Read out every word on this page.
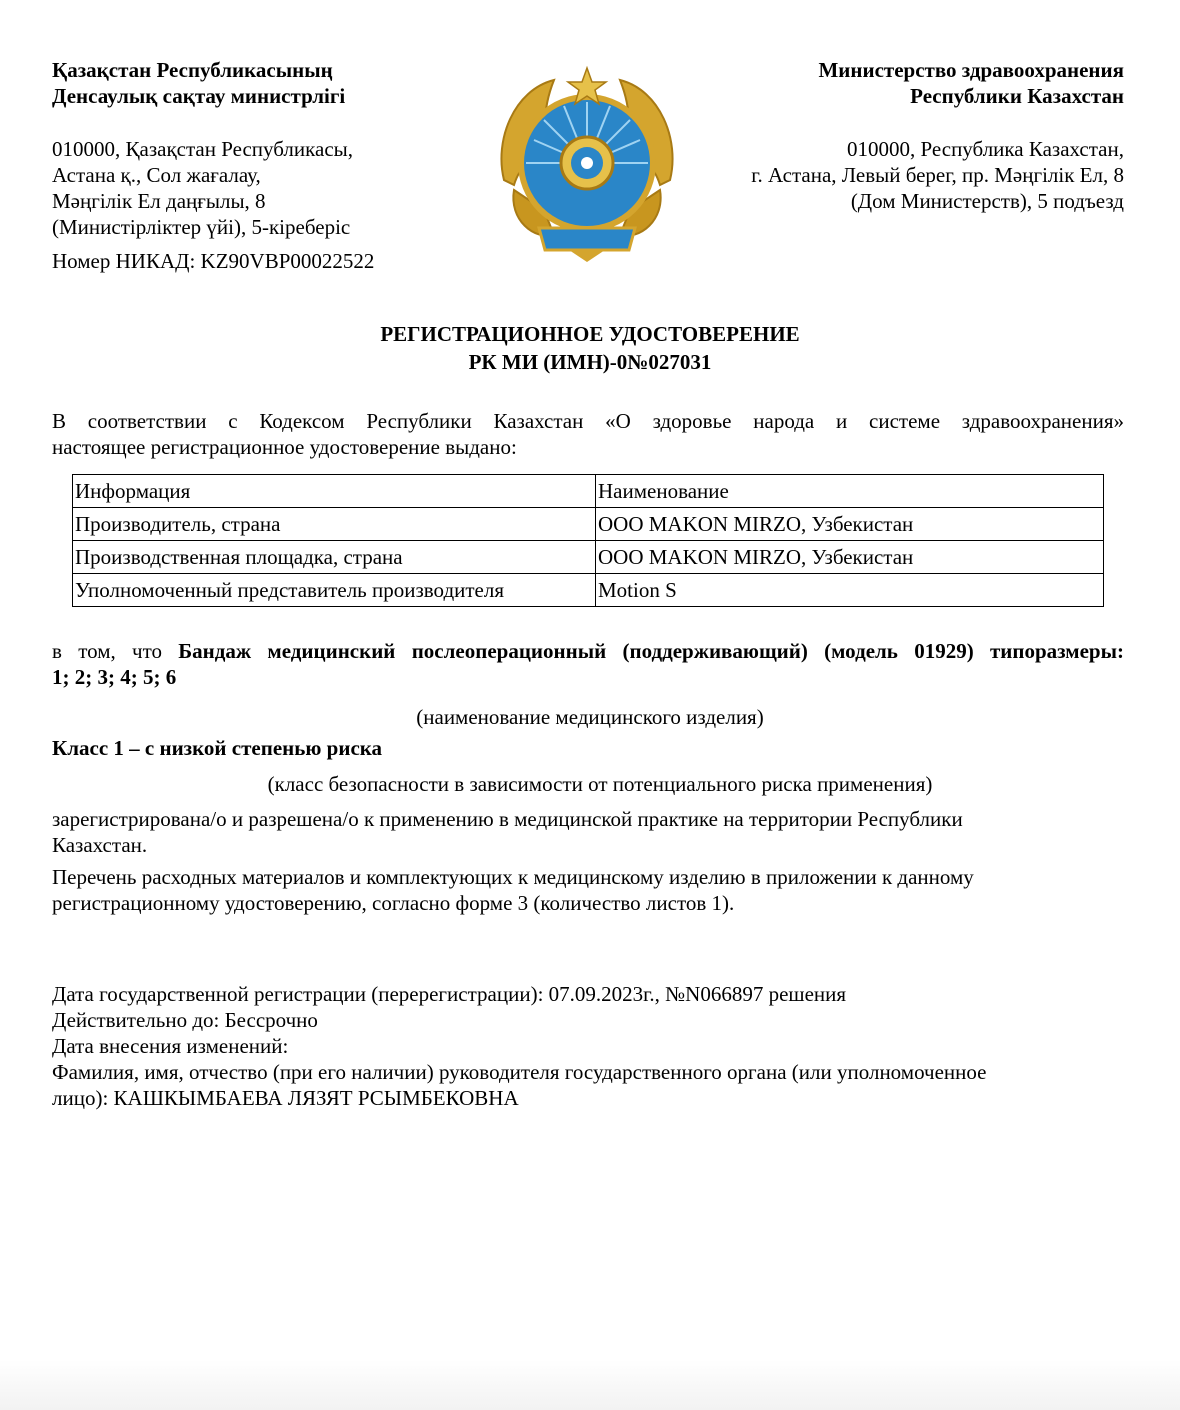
Қазақстан Республикасының
Денсаулық сақтау министрлігі
010000, Қазақстан Республикасы,
Астана қ., Сол жағалау,
Мәңгілік Ел даңғылы, 8
(Министірліктер үйі), 5-кіреберіс
Номер НИКАД: KZ90VBP00022522
Министерство здравоохранения
Республики Казахстан
010000, Республика Казахстан,
г. Астана, Левый берег, пр. Мәңгілік Ел, 8
(Дом Министерств), 5 подъезд
РЕГИСТРАЦИОННОЕ УДОСТОВЕРЕНИЕ
РК МИ (ИМН)-0№027031
В соответствии с Кодексом Республики Казахстан «О здоровье народа и системе здравоохранения»
настоящее регистрационное удостоверение выдано:
Информация	Наименование
Производитель, страна	ООО MAKON MIRZO, Узбекистан
Производственная площадка, страна	ООО MAKON MIRZO, Узбекистан
Уполномоченный представитель производителя	Motion S
в том, что Бандаж медицинский послеоперационный (поддерживающий) (модель 01929) типоразмеры:
1; 2; 3; 4; 5; 6
(наименование медицинского изделия)
Класс 1 – с низкой степенью риска
(класс безопасности в зависимости от потенциального риска применения)
зарегистрирована/о и разрешена/о к применению в медицинской практике на территории Республики
Казахстан.
Перечень расходных материалов и комплектующих к медицинскому изделию в приложении к данному
регистрационному удостоверению, согласно форме 3 (количество листов 1).
Дата государственной регистрации (перерегистрации): 07.09.2023г., №N066897 решения
Действительно до: Бессрочно
Дата внесения изменений:
Фамилия, имя, отчество (при его наличии) руководителя государственного органа (или уполномоченное
лицо): КАШКЫМБАЕВА ЛЯЗЯТ РСЫМБЕКОВНА
